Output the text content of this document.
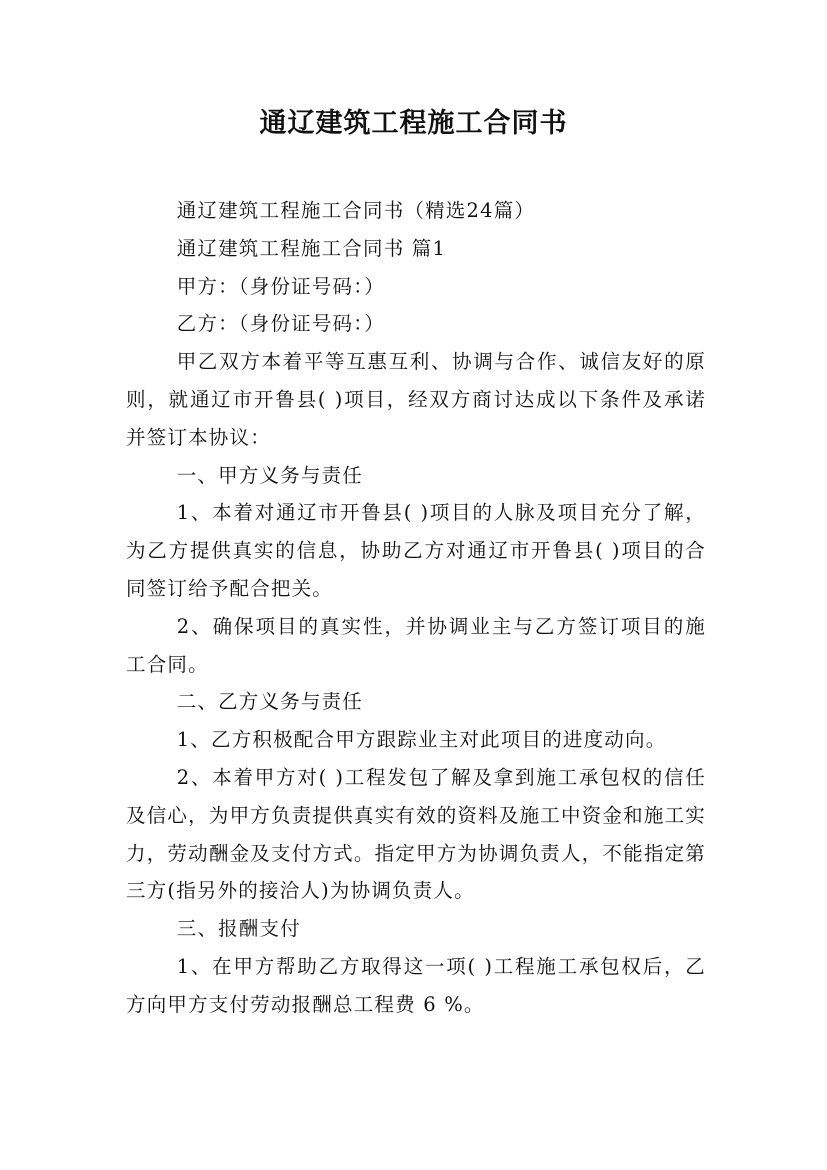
通辽建筑工程施工合同书

通辽建筑工程施工合同书（精选24篇）

通辽建筑工程施工合同书 篇1

甲方：（身份证号码：）

乙方：（身份证号码：）

甲乙双方本着平等互惠互利、协调与合作、诚信友好的原则，就通辽市开鲁县( )项目，经双方商讨达成以下条件及承诺并签订本协议：

一、甲方义务与责任

1、本着对通辽市开鲁县( )项目的人脉及项目充分了解，为乙方提供真实的信息，协助乙方对通辽市开鲁县( )项目的合同签订给予配合把关。

2、确保项目的真实性，并协调业主与乙方签订项目的施工合同。

二、乙方义务与责任

1、乙方积极配合甲方跟踪业主对此项目的进度动向。

2、本着甲方对( )工程发包了解及拿到施工承包权的信任及信心，为甲方负责提供真实有效的资料及施工中资金和施工实力，劳动酬金及支付方式。指定甲方为协调负责人，不能指定第三方(指另外的接洽人)为协调负责人。

三、报酬支付

1、在甲方帮助乙方取得这一项( )工程施工承包权后，乙方向甲方支付劳动报酬总工程费 6 %。
